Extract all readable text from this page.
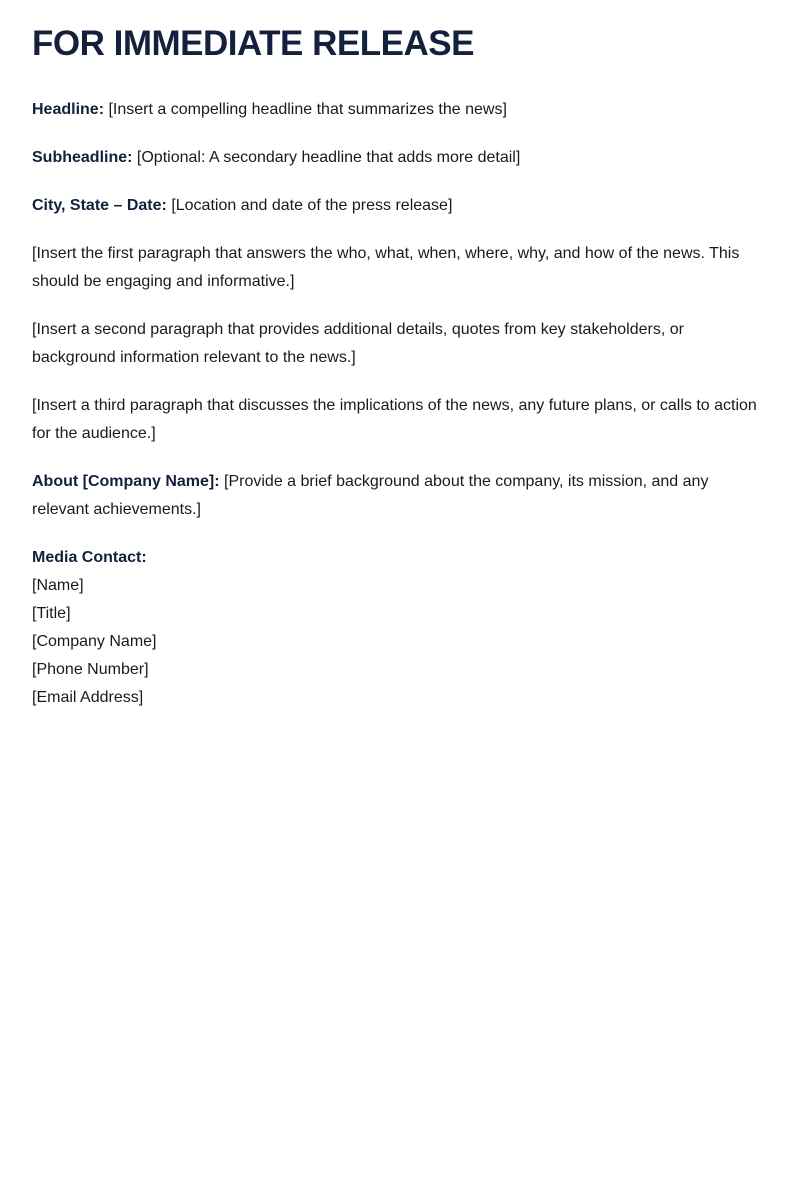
FOR IMMEDIATE RELEASE

Headline: [Insert a compelling headline that summarizes the news]

Subheadline: [Optional: A secondary headline that adds more detail]

City, State – Date: [Location and date of the press release]

[Insert the first paragraph that answers the who, what, when, where, why, and how of the news. This should be engaging and informative.]

[Insert a second paragraph that provides additional details, quotes from key stakeholders, or background information relevant to the news.]

[Insert a third paragraph that discusses the implications of the news, any future plans, or calls to action for the audience.]

About [Company Name]: [Provide a brief background about the company, its mission, and any relevant achievements.]

Media Contact:
[Name]
[Title]
[Company Name]
[Phone Number]
[Email Address]
